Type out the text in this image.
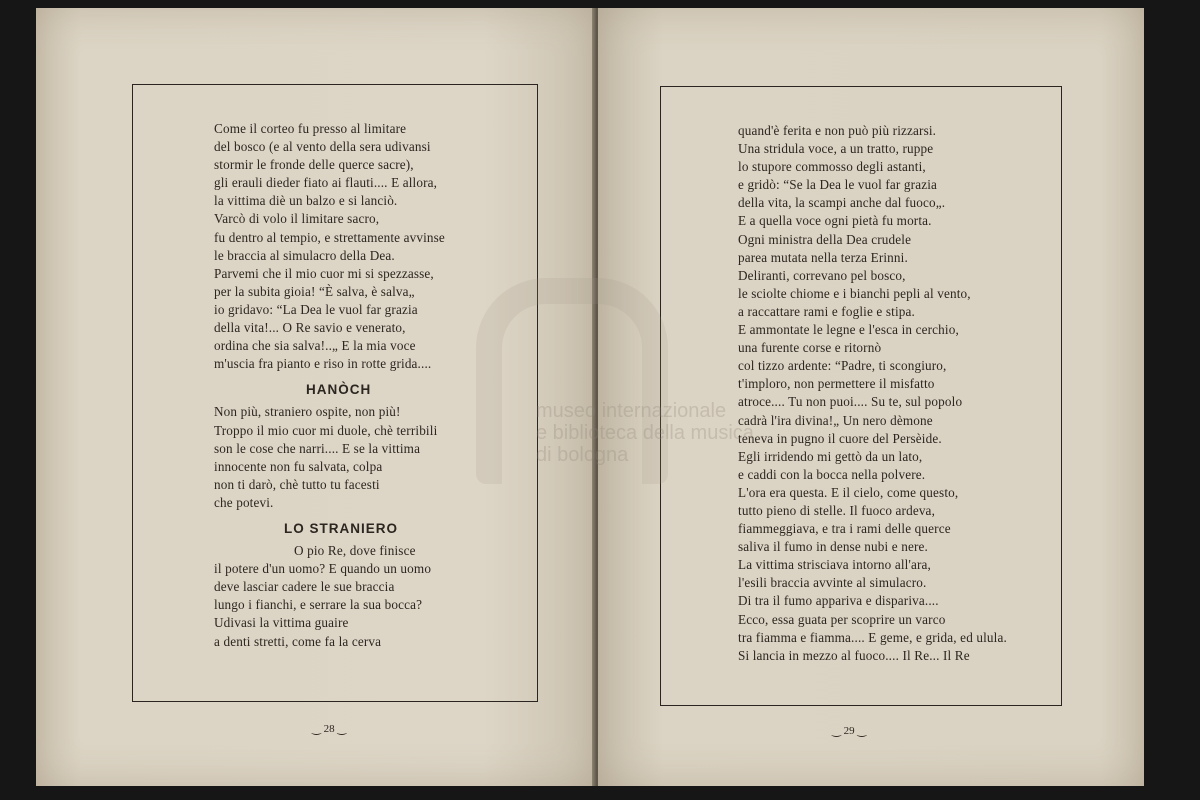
Come il corteo fu presso al limitare
del bosco (e al vento della sera udivansi
stormir le fronde delle querce sacre),
gli erauli dieder fiato ai flauti.... E allora,
la vittima diè un balzo e si lanciò.
Varcò di volo il limitare sacro,
fu dentro al tempio, e strettamente avvinse
le braccia al simulacro della Dea.
Parvemi che il mio cuor mi si spezzasse,
per la subita gioia! “È salva, è salva„
io gridavo: “La Dea le vuol far grazia
della vita!... O Re savio e venerato,
ordina che sia salva!..„ E la mia voce
m'uscia fra pianto e riso in rotte grida....
HANÒCH
Non più, straniero ospite, non più!
Troppo il mio cuor mi duole, chè terribili
son le cose che narri.... E se la vittima
innocente non fu salvata, colpa
non ti darò, chè tutto tu facesti
che potevi.
LO STRANIERO
O pio Re, dove finisce
il potere d'un uomo? E quando un uomo
deve lasciar cadere le sue braccia
lungo i fianchi, e serrare la sua bocca?
Udivasi la vittima guaire
a denti stretti, come fa la cerva
‿ 28 ‿
quand'è ferita e non può più rizzarsi.
Una stridula voce, a un tratto, ruppe
lo stupore commosso degli astanti,
e gridò: “Se la Dea le vuol far grazia
della vita, la scampi anche dal fuoco„.
E a quella voce ogni pietà fu morta.
Ogni ministra della Dea crudele
parea mutata nella terza Erinni.
Deliranti, correvano pel bosco,
le sciolte chiome e i bianchi pepli al vento,
a raccattare rami e foglie e stipa.
E ammontate le legne e l'esca in cerchio,
una furente corse e ritornò
col tizzo ardente: “Padre, ti scongiuro,
t'imploro, non permettere il misfatto
atroce.... Tu non puoi.... Su te, sul popolo
cadrà l'ira divina!„ Un nero dèmone
teneva in pugno il cuore del Persèide.
Egli irridendo mi gettò da un lato,
e caddi con la bocca nella polvere.
L'ora era questa. E il cielo, come questo,
tutto pieno di stelle. Il fuoco ardeva,
fiammeggiava, e tra i rami delle querce
saliva il fumo in dense nubi e nere.
La vittima strisciava intorno all'ara,
l'esili braccia avvinte al simulacro.
Di tra il fumo appariva e dispariva....
Ecco, essa guata per scoprire un varco
tra fiamma e fiamma.... E geme, e grida, ed ulula.
Si lancia in mezzo al fuoco.... Il Re... Il Re
‿ 29 ‿
museo internazionale
e biblioteca della musica
di bologna
